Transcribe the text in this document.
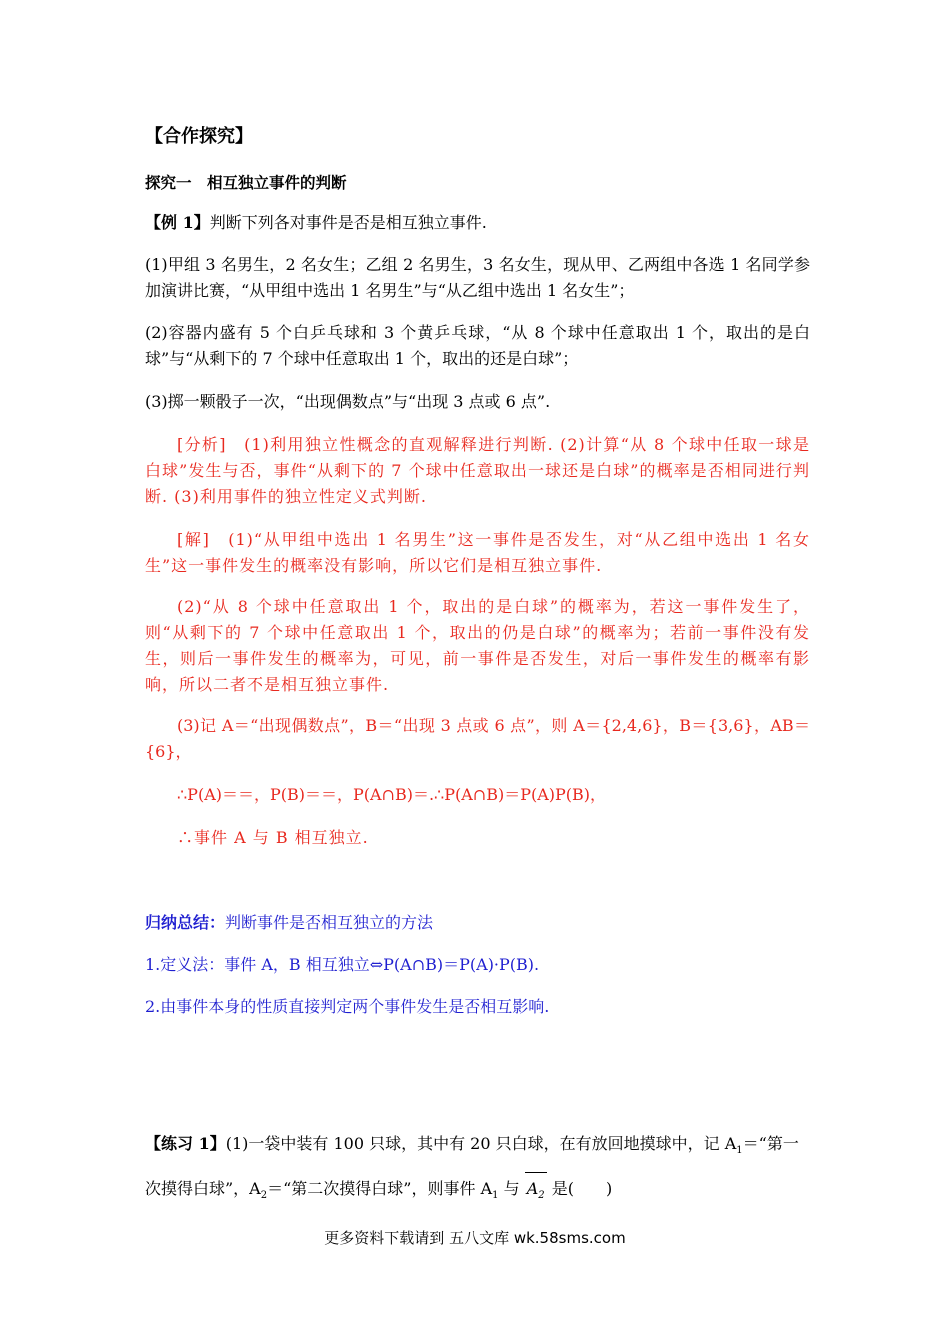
【合作探究】
探究一　相互独立事件的判断
【例 1】判断下列各对事件是否是相互独立事件.
(1)甲组 3 名男生，2 名女生；乙组 2 名男生，3 名女生，现从甲、乙两组中各选 1 名同学参加演讲比赛，“从甲组中选出 1 名男生”与“从乙组中选出 1 名女生”；
(2)容器内盛有 5 个白乒乓球和 3 个黄乒乓球，“从 8 个球中任意取出 1 个，取出的是白球”与“从剩下的 7 个球中任意取出 1 个，取出的还是白球”；
(3)掷一颗骰子一次，“出现偶数点”与“出现 3 点或 6 点”.
[分析]　(1)利用独立性概念的直观解释进行判断. (2)计算“从 8 个球中任取一球是白球”发生与否，事件“从剩下的 7 个球中任意取出一球还是白球”的概率是否相同进行判断. (3)利用事件的独立性定义式判断.
[解]　(1)“从甲组中选出 1 名男生”这一事件是否发生，对“从乙组中选出 1 名女生”这一事件发生的概率没有影响，所以它们是相互独立事件.
(2)“从 8 个球中任意取出 1 个，取出的是白球”的概率为，若这一事件发生了，则“从剩下的 7 个球中任意取出 1 个，取出的仍是白球”的概率为；若前一事件没有发生，则后一事件发生的概率为，可见，前一事件是否发生，对后一事件发生的概率有影响，所以二者不是相互独立事件.
(3)记 A＝“出现偶数点”，B＝“出现 3 点或 6 点”，则 A＝{2,4,6}，B＝{3,6}，AB＝{6}，
∴P(A)＝＝，P(B)＝＝，P(A∩B)＝.∴P(A∩B)＝P(A)P(B)，
∴事件 A 与 B 相互独立.
归纳总结：判断事件是否相互独立的方法
1.定义法：事件 A，B 相互独立⇔P(A∩B)＝P(A)·P(B).
2.由事件本身的性质直接判定两个事件发生是否相互影响.
【练习 1】(1)一袋中装有 100 只球，其中有 20 只白球，在有放回地摸球中，记 $A_1=“$第一
次摸得白球”，$A_2=“$第二次摸得白球”，则事件 $A_1$ 与 $A_2$ 是(　　)
更多资料下载请到 五八文库 wk.58sms.com
